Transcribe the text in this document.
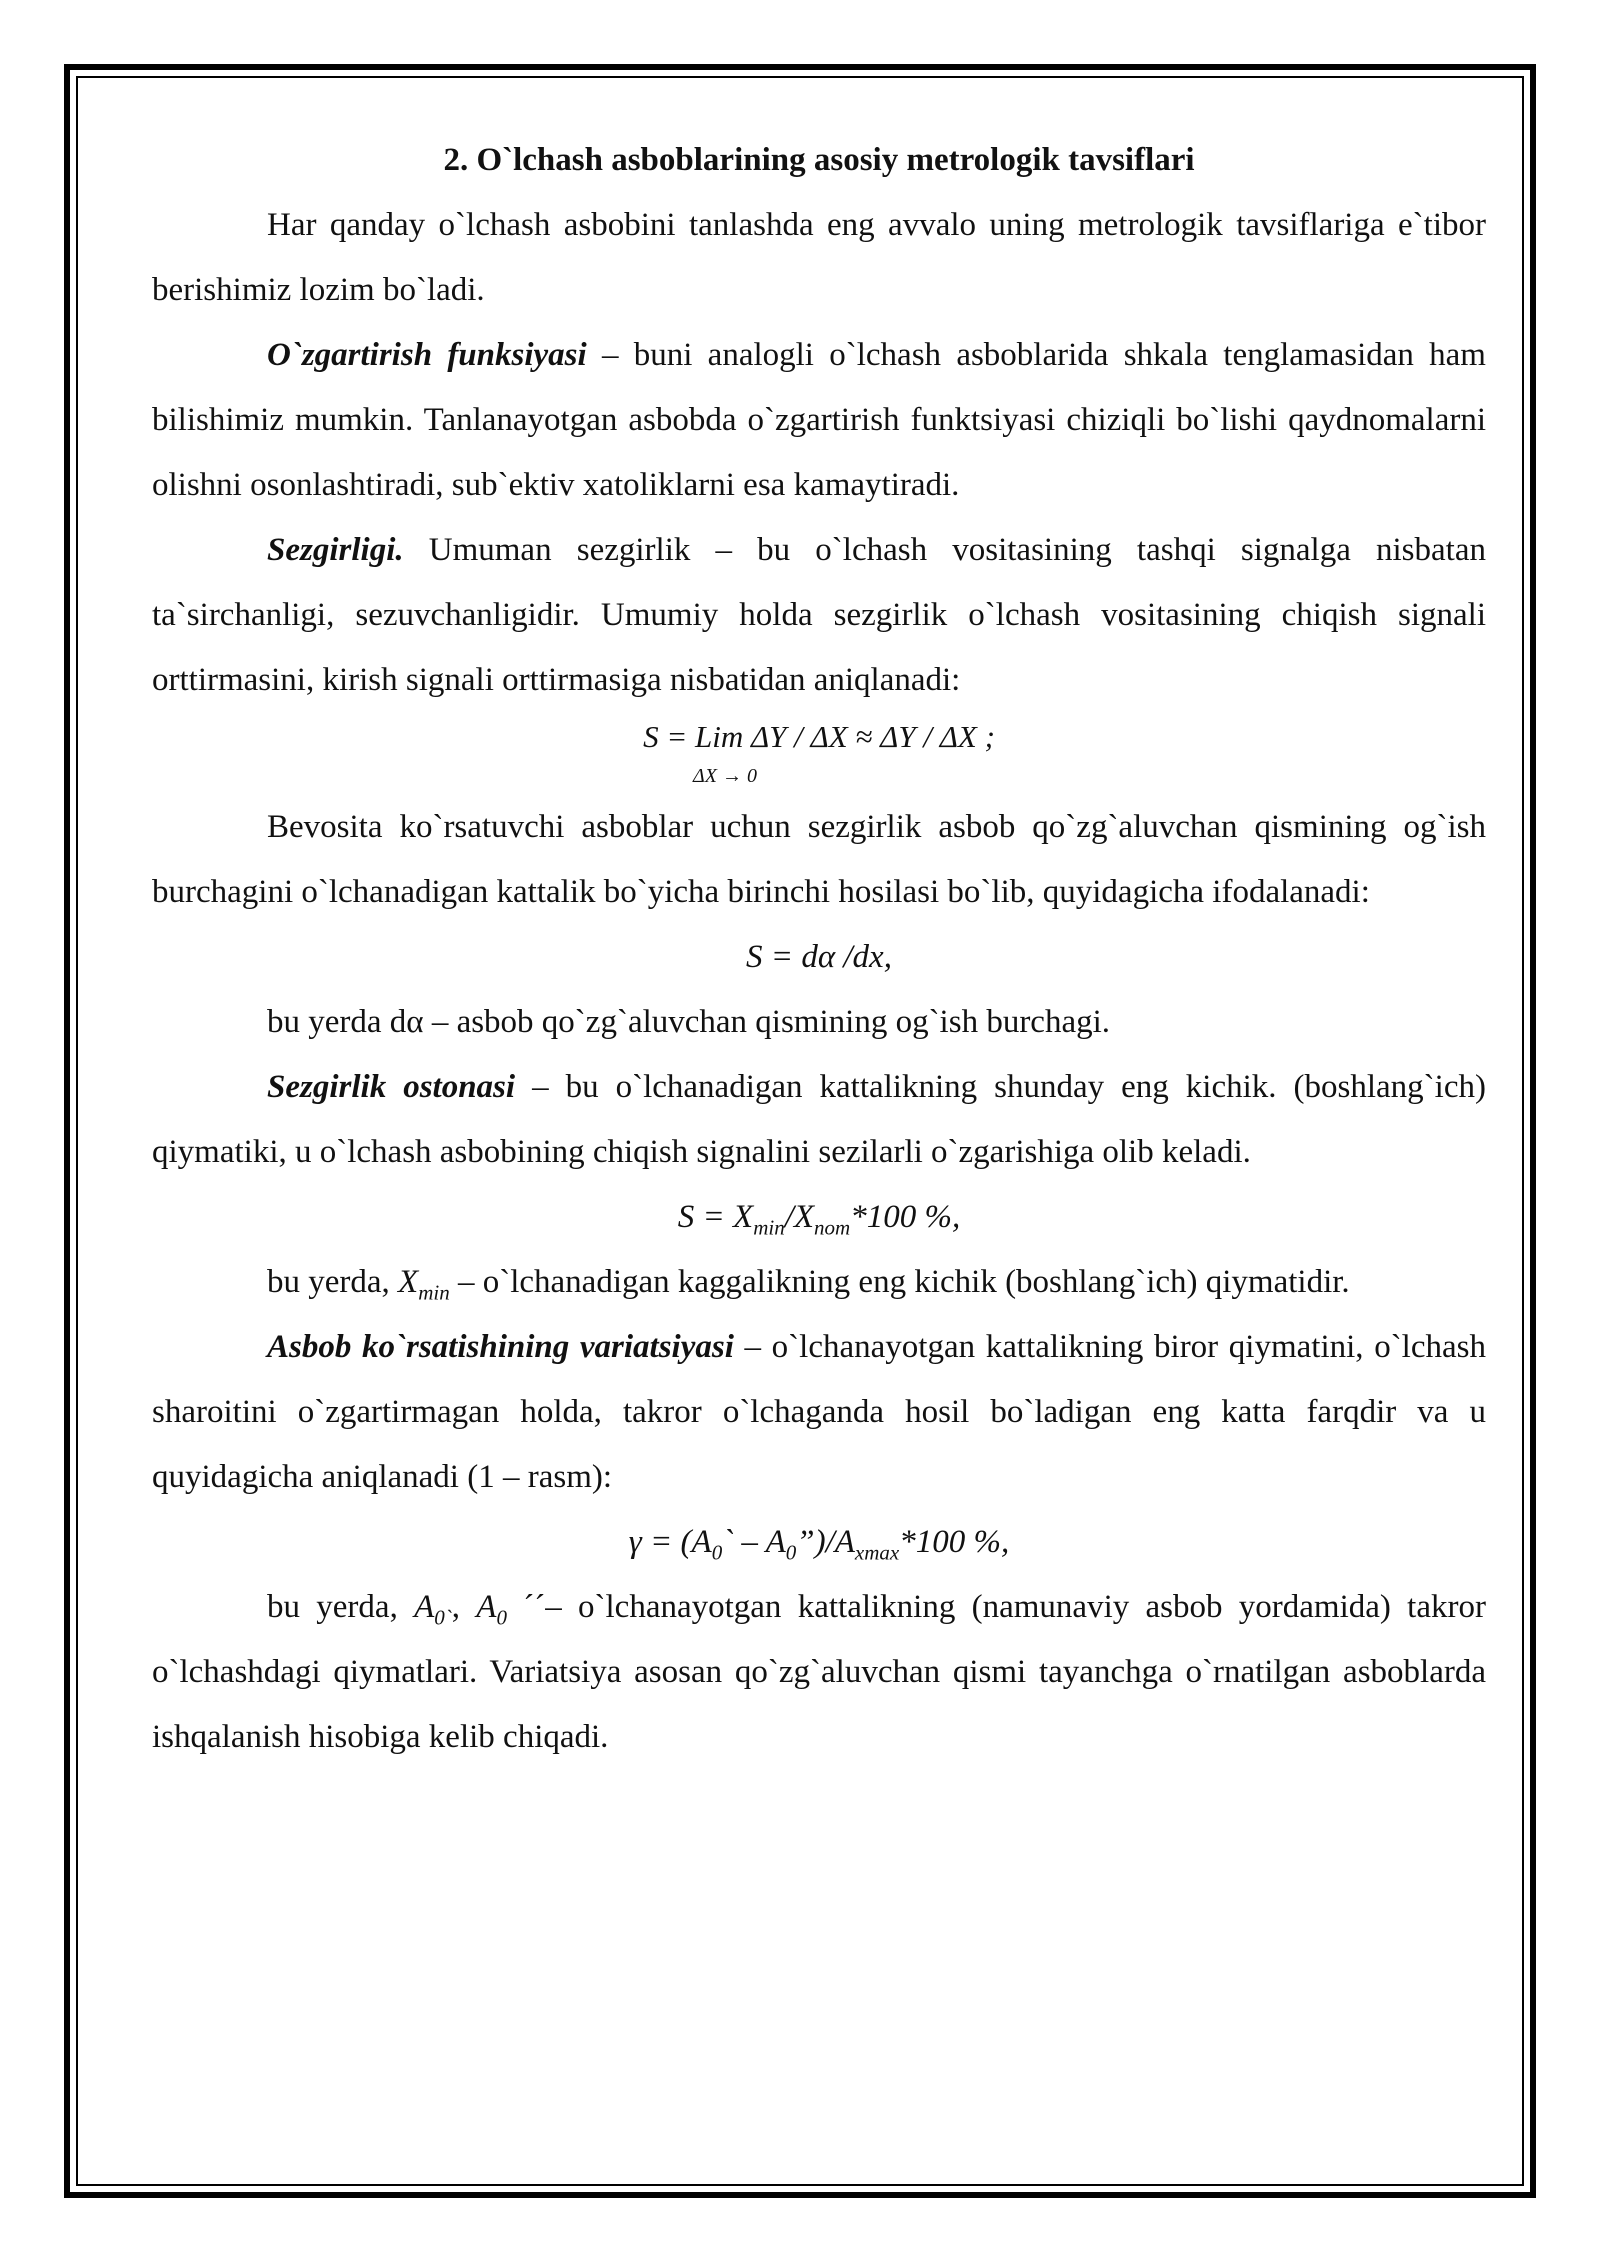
2. O`lchash asboblarining asosiy metrologik tavsiflari

Har qanday o`lchash asbobini tanlashda eng avvalo uning metrologik tavsiflariga e`tibor berishimiz lozim bo`ladi.

O`zgartirish funksiyasi – buni analogli o`lchash asboblarida shkala tenglamasidan ham bilishimiz mumkin. Tanlanayotgan asbobda o`zgartirish funktsiyasi chiziqli bo`lishi qaydnomalarni olishni osonlashtiradi, sub`ektiv xatoliklarni esa kamaytiradi.

Sezgirligi. Umuman sezgirlik – bu o`lchash vositasining tashqi signalga nisbatan ta`sirchanligi, sezuvchanligidir. Umumiy holda sezgirlik o`lchash vositasining chiqish signali orttirmasini, kirish signali orttirmasiga nisbatidan aniqlanadi:

S = Lim ΔY / ΔX ≈ ΔY / ΔX ;
ΔX → 0

Bevosita ko`rsatuvchi asboblar uchun sezgirlik asbob qo`zg`aluvchan qismining og`ish burchagini o`lchanadigan kattalik bo`yicha birinchi hosilasi bo`lib, quyidagicha ifodalanadi:

S = dα /dx,

bu yerda dα – asbob qo`zg`aluvchan qismining og`ish burchagi.

Sezgirlik ostonasi – bu o`lchanadigan kattalikning shunday eng kichik. (boshlang`ich) qiymatiki, u o`lchash asbobining chiqish signalini sezilarli o`zgarishiga olib keladi.

$S = X_{min}/X_{nom}*100$ %,

bu yerda, $X_{min}$ – o`lchanadigan kaggalikning eng kichik (boshlang`ich) qiymatidir.

Asbob ko`rsatishining variatsiyasi – o`lchanayotgan kattalikning biror qiymatini, o`lchash sharoitini o`zgartirmagan holda, takror o`lchaganda hosil bo`ladigan eng katta farqdir va u quyidagicha aniqlanadi (1 – rasm):

$\gamma = (A_0`$ – $A_0”)/A_{xmax}*100$ %,

bu yerda, $A_{0`}$, $A_0$ ´´– o`lchanayotgan kattalikning (namunaviy asbob yordamida) takror o`lchashdagi qiymatlari. Variatsiya asosan qo`zg`aluvchan qismi tayanchga o`rnatilgan asboblarda ishqalanish hisobiga kelib chiqadi.
